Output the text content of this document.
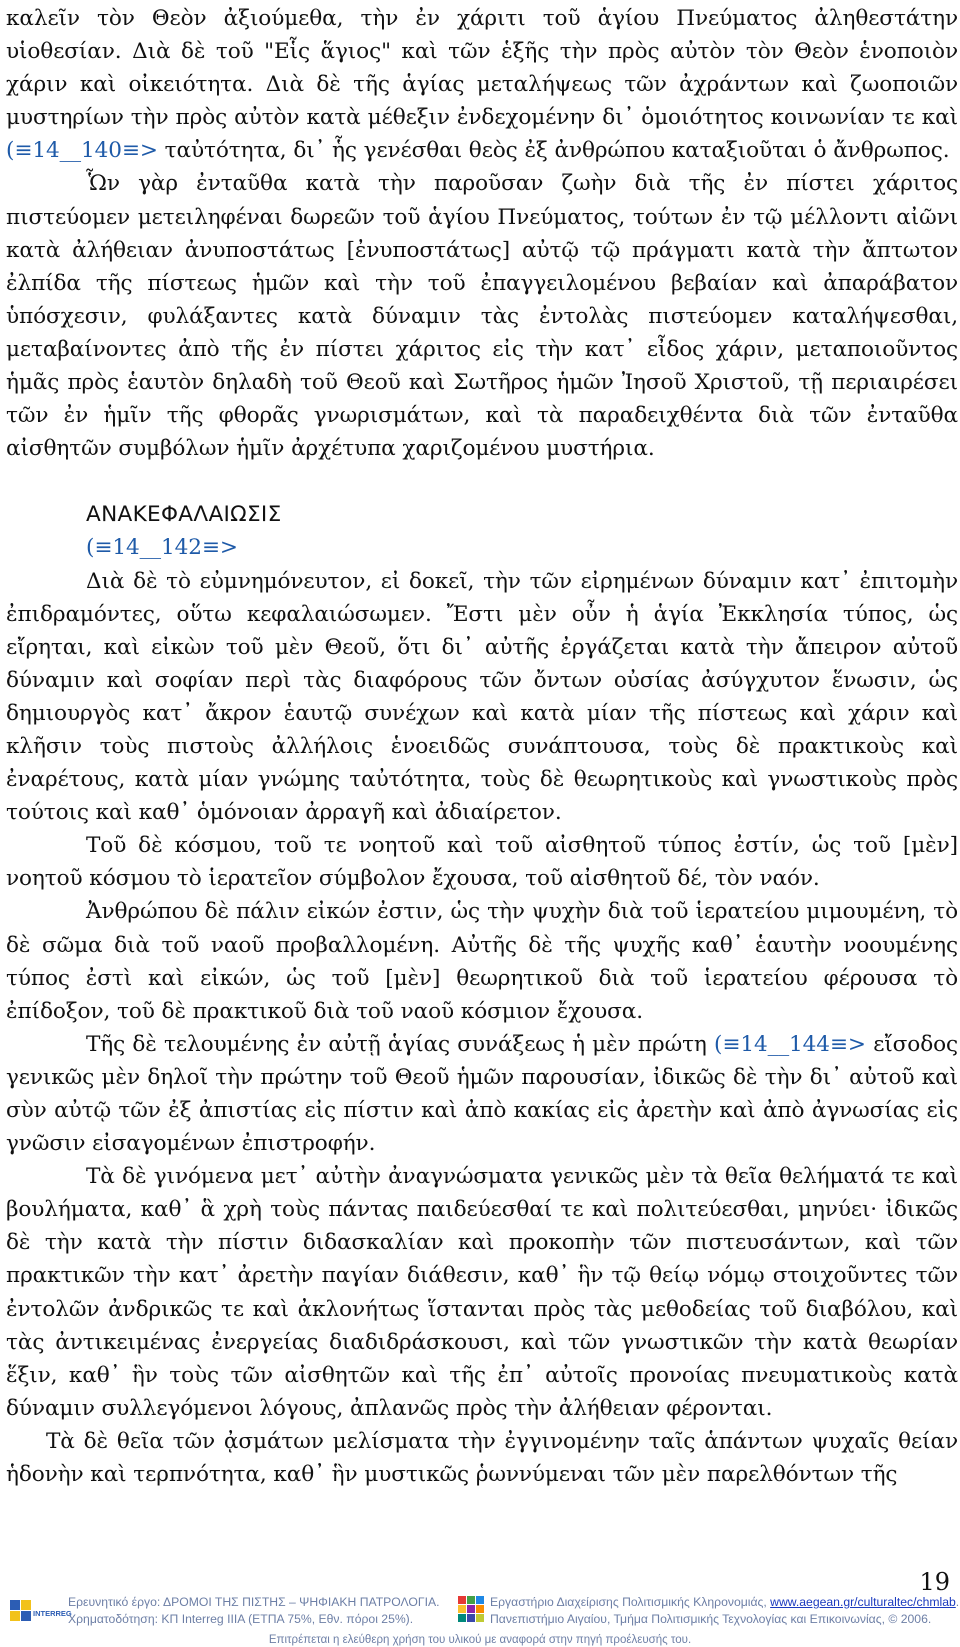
καλεῖν τὸν Θεὸν ἀξιούμεθα, τὴν ἐν χάριτι τοῦ ἁγίου Πνεύματος ἀληθεστάτην υἱοθεσίαν. Διὰ δὲ τοῦ "Εἷς ἅγιος" καὶ τῶν ἑξῆς τὴν πρὸς αὐτὸν τὸν Θεὸν ἑνοποιὸν χάριν καὶ οἰκειότητα. Διὰ δὲ τῆς ἁγίας μεταλήψεως τῶν ἀχράντων καὶ ζωοποιῶν μυστηρίων τὴν πρὸς αὐτὸν κατὰ μέθεξιν ἐνδεχομένην δι᾿ ὁμοιότητος κοινωνίαν τε καὶ (≡14__140≡> ταὐτότητα, δι᾿ ἧς γενέσθαι θεὸς ἐξ ἀνθρώπου καταξιοῦται ὁ ἄνθρωπος.

Ὧν γὰρ ἐνταῦθα κατὰ τὴν παροῦσαν ζωὴν διὰ τῆς ἐν πίστει χάριτος πιστεύομεν μετειληφέναι δωρεῶν τοῦ ἁγίου Πνεύματος, τούτων ἐν τῷ μέλλοντι αἰῶνι κατὰ ἀλήθειαν ἀνυποστάτως [ἐνυποστάτως] αὐτῷ τῷ πράγματι κατὰ τὴν ἄπτωτον ἐλπίδα τῆς πίστεως ἡμῶν καὶ τὴν τοῦ ἐπαγγειλομένου βεβαίαν καὶ ἀπαράβατον ὑπόσχεσιν, φυλάξαντες κατὰ δύναμιν τὰς ἐντολὰς πιστεύομεν καταλήψεσθαι, μεταβαίνοντες ἀπὸ τῆς ἐν πίστει χάριτος εἰς τὴν κατ᾿ εἶδος χάριν, μεταποιοῦντος ἡμᾶς πρὸς ἑαυτὸν δηλαδὴ τοῦ Θεοῦ καὶ Σωτῆρος ἡμῶν Ἰησοῦ Χριστοῦ, τῇ περιαιρέσει τῶν ἐν ἡμῖν τῆς φθορᾶς γνωρισμάτων, καὶ τὰ παραδειχθέντα διὰ τῶν ἐνταῦθα αἰσθητῶν συμβόλων ἡμῖν ἀρχέτυπα χαριζομένου μυστήρια.

ΑΝΑΚΕΦΑΛΑΙΩΣΙΣ

(≡14__142≡>

Διὰ δὲ τὸ εὐμνημόνευτον, εἰ δοκεῖ, τὴν τῶν εἰρημένων δύναμιν κατ᾿ ἐπιτομὴν ἐπιδραμόντες, οὕτω κεφαλαιώσωμεν. Ἔστι μὲν οὖν ἡ ἁγία Ἐκκλησία τύπος, ὡς εἴρηται, καὶ εἰκὼν τοῦ μὲν Θεοῦ, ὅτι δι᾿ αὐτῆς ἐργάζεται κατὰ τὴν ἄπειρον αὐτοῦ δύναμιν καὶ σοφίαν περὶ τὰς διαφόρους τῶν ὄντων οὐσίας ἀσύγχυτον ἕνωσιν, ὡς δημιουργὸς κατ᾿ ἄκρον ἑαυτῷ συνέχων καὶ κατὰ μίαν τῆς πίστεως καὶ χάριν καὶ κλῆσιν τοὺς πιστοὺς ἀλλήλοις ἑνοειδῶς συνάπτουσα, τοὺς δὲ πρακτικοὺς καὶ ἐναρέτους, κατὰ μίαν γνώμης ταὐτότητα, τοὺς δὲ θεωρητικοὺς καὶ γνωστικοὺς πρὸς τούτοις καὶ καθ᾿ ὁμόνοιαν ἀρραγῆ καὶ ἀδιαίρετον.

Τοῦ δὲ κόσμου, τοῦ τε νοητοῦ καὶ τοῦ αἰσθητοῦ τύπος ἐστίν, ὡς τοῦ [μὲν] νοητοῦ κόσμου τὸ ἱερατεῖον σύμβολον ἔχουσα, τοῦ αἰσθητοῦ δέ, τὸν ναόν.

Ἀνθρώπου δὲ πάλιν εἰκών ἐστιν, ὡς τὴν ψυχὴν διὰ τοῦ ἱερατείου μιμουμένη, τὸ δὲ σῶμα διὰ τοῦ ναοῦ προβαλλομένη. Αὐτῆς δὲ τῆς ψυχῆς καθ᾿ ἑαυτὴν νοουμένης τύπος ἐστὶ καὶ εἰκών, ὡς τοῦ [μὲν] θεωρητικοῦ διὰ τοῦ ἱερατείου φέρουσα τὸ ἐπίδοξον, τοῦ δὲ πρακτικοῦ διὰ τοῦ ναοῦ κόσμιον ἔχουσα.

Τῆς δὲ τελουμένης ἐν αὐτῇ ἁγίας συνάξεως ἡ μὲν πρώτη (≡14__144≡> εἴσοδος γενικῶς μὲν δηλοῖ τὴν πρώτην τοῦ Θεοῦ ἡμῶν παρουσίαν, ἰδικῶς δὲ τὴν δι᾿ αὐτοῦ καὶ σὺν αὐτῷ τῶν ἐξ ἀπιστίας εἰς πίστιν καὶ ἀπὸ κακίας εἰς ἀρετὴν καὶ ἀπὸ ἀγνωσίας εἰς γνῶσιν εἰσαγομένων ἐπιστροφήν.

Τὰ δὲ γινόμενα μετ᾿ αὐτὴν ἀναγνώσματα γενικῶς μὲν τὰ θεῖα θελήματά τε καὶ βουλήματα, καθ᾿ ἃ χρὴ τοὺς πάντας παιδεύεσθαί τε καὶ πολιτεύεσθαι, μηνύει· ἰδικῶς δὲ τὴν κατὰ τὴν πίστιν διδασκαλίαν καὶ προκοπὴν τῶν πιστευσάντων, καὶ τῶν πρακτικῶν τὴν κατ᾿ ἀρετὴν παγίαν διάθεσιν, καθ᾿ ἣν τῷ θείῳ νόμῳ στοιχοῦντες τῶν ἐντολῶν ἀνδρικῶς τε καὶ ἀκλονήτως ἵστανται πρὸς τὰς μεθοδείας τοῦ διαβόλου, καὶ τὰς ἀντικειμένας ἐνεργείας διαδιδράσκουσι, καὶ τῶν γνωστικῶν τὴν κατὰ θεωρίαν ἕξιν, καθ᾿ ἣν τοὺς τῶν αἰσθητῶν καὶ τῆς ἐπ᾿ αὐτοῖς προνοίας πνευματικοὺς κατὰ δύναμιν συλλεγόμενοι λόγους, ἀπλανῶς πρὸς τὴν ἀλήθειαν φέρονται.

Τὰ δὲ θεῖα τῶν ᾀσμάτων μελίσματα τὴν ἐγγινομένην ταῖς ἁπάντων ψυχαῖς θείαν ἡδονὴν καὶ τερπνότητα, καθ᾿ ἣν μυστικῶς ῥωννύμεναι τῶν μὲν παρελθόντων τῆς

19
INTERREG
Ερευνητικό έργο: ΔΡΟΜΟΙ ΤΗΣ ΠΙΣΤΗΣ – ΨΗΦΙΑΚΗ ΠΑΤΡΟΛΟΓΙΑ.
Χρηματοδότηση: ΚΠ Interreg IIIA (ΕΤΠΑ 75%, Εθν. πόροι 25%).
Εργαστήριο Διαχείρισης Πολιτισμικής Κληρονομιάς, www.aegean.gr/culturaltec/chmlab.
Πανεπιστήμιο Αιγαίου, Τμήμα Πολιτισμικής Τεχνολογίας και Επικοινωνίας, © 2006.
Επιτρέπεται η ελεύθερη χρήση του υλικού με αναφορά στην πηγή προέλευσής του.
